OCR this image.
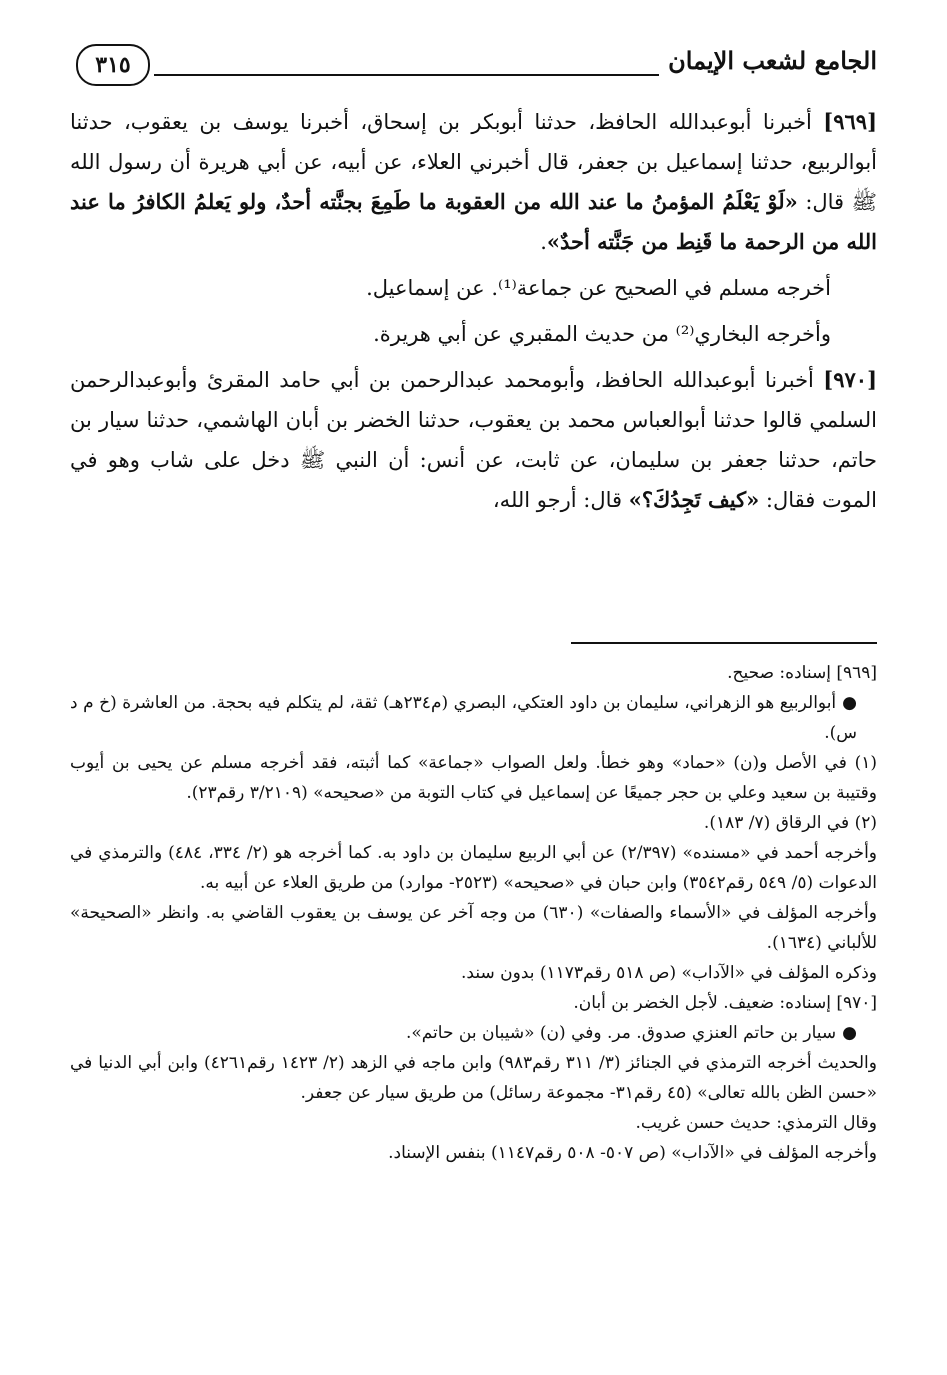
الجامع لشعب الإيمان
٣١٥

[٩٦٩] أخبرنا أبوعبدالله الحافظ، حدثنا أبوبكر بن إسحاق، أخبرنا يوسف بن يعقوب، حدثنا أبوالربيع، حدثنا إسماعيل بن جعفر، قال أخبرني العلاء، عن أبيه، عن أبي هريرة أن رسول الله ﷺ قال: «لَوْ يَعْلَمُ المؤمنُ ما عند الله من العقوبة ما طَمِعَ بجنَّته أحدٌ، ولو يَعلمُ الكافرُ ما عند الله من الرحمة ما قَنِط من جَنَّته أحدٌ».

أخرجه مسلم في الصحيح عن جماعة⁽¹⁾. عن إسماعيل.

وأخرجه البخاري⁽²⁾ من حديث المقبري عن أبي هريرة.

[٩٧٠] أخبرنا أبوعبدالله الحافظ، وأبومحمد عبدالرحمن بن أبي حامد المقرئ وأبوعبدالرحمن السلمي قالوا حدثنا أبوالعباس محمد بن يعقوب، حدثنا الخضر بن أبان الهاشمي، حدثنا سيار بن حاتم، حدثنا جعفر بن سليمان، عن ثابت، عن أنس: أن النبي ﷺ دخل على شاب وهو في الموت فقال: «كيف تَجِدُكَ؟» قال: أرجو الله،

[٩٦٩] إسناده: صحيح.

●أبوالربيع هو الزهراني، سليمان بن داود العتكي، البصري (م٢٣٤هـ) ثقة، لم يتكلم فيه بحجة. من العاشرة (خ م د س).

(١) في الأصل و(ن) «حماد» وهو خطأ. ولعل الصواب «جماعة» كما أثبته، فقد أخرجه مسلم عن يحيى بن أيوب وقتيبة بن سعيد وعلي بن حجر جميعًا عن إسماعيل في كتاب التوبة من «صحيحه» (٣/٢١٠٩ رقم٢٣).

(٢) في الرقاق (٧/ ١٨٣).

وأخرجه أحمد في «مسنده» (٢/٣٩٧) عن أبي الربيع سليمان بن داود به. كما أخرجه هو (٢/ ٣٣٤، ٤٨٤) والترمذي في الدعوات (٥/ ٥٤٩ رقم٣٥٤٢) وابن حبان في «صحيحه» (٢٥٢٣- موارد) من طريق العلاء عن أبيه به.

وأخرجه المؤلف في «الأسماء والصفات» (٦٣٠) من وجه آخر عن يوسف بن يعقوب القاضي به. وانظر «الصحيحة» للألباني (١٦٣٤).

وذكره المؤلف في «الآداب» (ص ٥١٨ رقم١١٧٣) بدون سند.

[٩٧٠] إسناده: ضعيف. لأجل الخضر بن أبان.

●سيار بن حاتم العنزي صدوق. مر. وفي (ن) «شيبان بن حاتم».

والحديث أخرجه الترمذي في الجنائز (٣/ ٣١١ رقم٩٨٣) وابن ماجه في الزهد (٢/ ١٤٢٣ رقم٤٢٦١) وابن أبي الدنيا في «حسن الظن بالله تعالى» (٤٥ رقم٣١- مجموعة رسائل) من طريق سيار عن جعفر.

وقال الترمذي: حديث حسن غريب.

وأخرجه المؤلف في «الآداب» (ص ٥٠٧- ٥٠٨ رقم١١٤٧) بنفس الإسناد.
